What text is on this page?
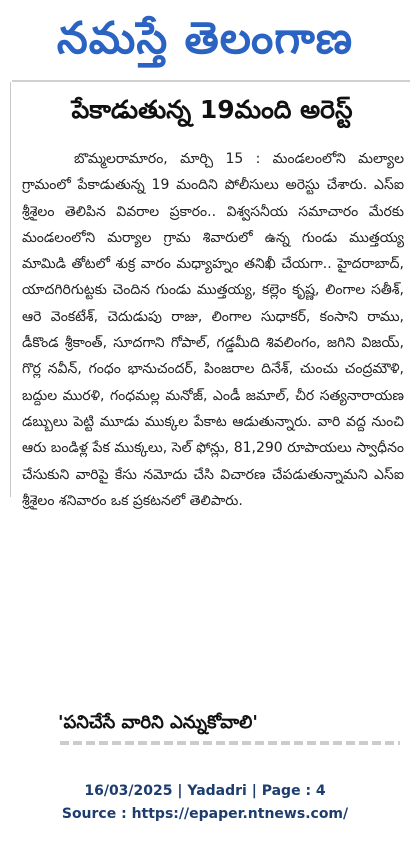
నమస్తే తెలంగాణ
పేకాడుతున్న 19మంది అరెస్ట్

బొమ్మలరామారం, మార్చి 15 : మండలంలోని మల్యాల గ్రామంలో పేకాడుతున్న 19 మందిని పోలీసులు అరెస్టు చేశారు. ఎస్ఐ శ్రీశైలం తెలిపిన వివరాల ప్రకారం.. విశ్వసనీయ సమాచారం మేరకు మండలంలోని మర్యాల గ్రామ శివారులో ఉన్న గుండు ముత్తయ్య మామిడి తోటలో శుక్ర వారం మధ్యాహ్నం తనిఖీ చేయగా.. హైదరాబాద్, యాదగిరిగుట్టకు చెందిన గుండు ముత్తయ్య, కల్లెం కృష్ణ, లింగాల సతీశ్, ఆరె వెంకటేశ్, చెదుడుపు రాజు, లింగాల సుధాకర్, కంసాని రాము, డీకొండ శ్రీకాంత్, సూదగాని గోపాల్, గడ్డమీది శివలింగం, జగిని విజయ్, గొర్ల నవీన్, గంధం భానుచందర్, పింజరాల దినేశ్, చుంచు చంద్రమౌళి, బద్దుల మురళి, గంధమల్ల మనోజ్, ఎండీ జమాల్, చీర సత్యనారాయణ డబ్బులు పెట్టి మూడు ముక్కల పేకాట ఆడుతున్నారు. వారి వద్ద నుంచి ఆరు బండిళ్ల పేక ముక్కలు, సెల్ ఫోన్లు, 81,290 రూపాయలు స్వాధీనం చేసుకుని వారిపై కేసు నమోదు చేసి విచారణ చేపడుతున్నామని ఎస్ఐ శ్రీశైలం శనివారం ఒక ప్రకటనలో తెలిపారు.

'పనిచేసే వారిని ఎన్నుకోవాలి'
16/03/2025 | Yadadri | Page : 4
Source : https://epaper.ntnews.com/
